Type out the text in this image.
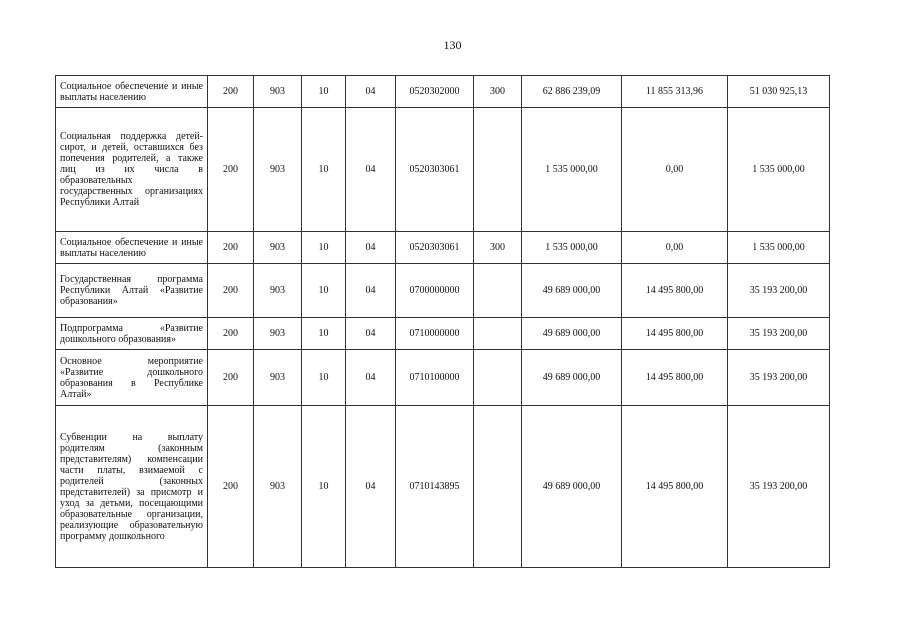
130
Социальное обеспечение и иные выплаты населению	200	903	10	04	0520302000	300	62 886 239,09	11 855 313,96	51 030 925,13
Социальная поддержка детей-сирот, и детей, оставшихся без попечения родителей, а также лиц из их числа в образовательных государственных организациях Республики Алтай	200	903	10	04	0520303061		1 535 000,00	0,00	1 535 000,00
Социальное обеспечение и иные выплаты населению	200	903	10	04	0520303061	300	1 535 000,00	0,00	1 535 000,00
Государственная программа Республики Алтай «Развитие образования»	200	903	10	04	0700000000		49 689 000,00	14 495 800,00	35 193 200,00
Подпрограмма «Развитие дошкольного образования»	200	903	10	04	0710000000		49 689 000,00	14 495 800,00	35 193 200,00
Основное мероприятие «Развитие дошкольного образования в Республике Алтай»	200	903	10	04	0710100000		49 689 000,00	14 495 800,00	35 193 200,00
Субвенции на выплату родителям (законным представителям) компенсации части платы, взимаемой с родителей (законных представителей) за присмотр и уход за детьми, посещающими образовательные организации, реализующие образовательную программу дошкольного	200	903	10	04	0710143895		49 689 000,00	14 495 800,00	35 193 200,00
